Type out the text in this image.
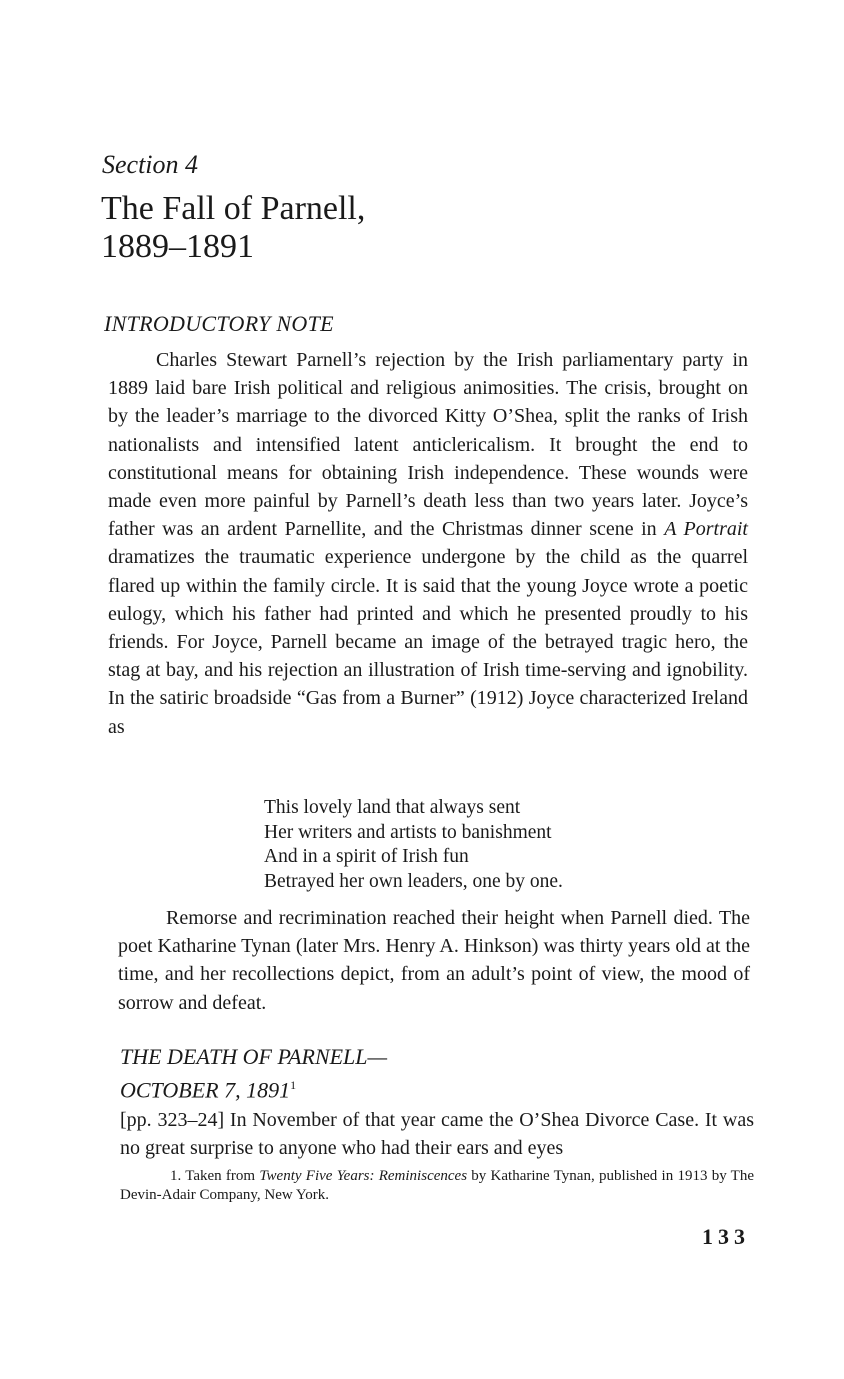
Section 4
The Fall of Parnell,
1889–1891
INTRODUCTORY NOTE

Charles Stewart Parnell’s rejection by the Irish parliamentary party in 1889 laid bare Irish political and religious animosities. The crisis, brought on by the leader’s marriage to the divorced Kitty O’Shea, split the ranks of Irish nationalists and intensified latent anticlericalism. It brought the end to constitutional means for obtaining Irish independence. These wounds were made even more painful by Parnell’s death less than two years later. Joyce’s father was an ardent Parnellite, and the Christmas dinner scene in A Portrait dramatizes the traumatic experience undergone by the child as the quarrel flared up within the family circle. It is said that the young Joyce wrote a poetic eulogy, which his father had printed and which he presented proudly to his friends. For Joyce, Parnell became an image of the betrayed tragic hero, the stag at bay, and his rejection an illustration of Irish time-serving and ignobility. In the satiric broadside “Gas from a Burner” (1912) Joyce characterized Ireland as

This lovely land that always sent
Her writers and artists to banishment
And in a spirit of Irish fun
Betrayed her own leaders, one by one.

Remorse and recrimination reached their height when Parnell died. The poet Katharine Tynan (later Mrs. Henry A. Hinkson) was thirty years old at the time, and her recollections depict, from an adult’s point of view, the mood of sorrow and defeat.

THE DEATH OF PARNELL—
OCTOBER 7, 1891$^1$

[pp. 323–24] In November of that year came the O’Shea Divorce Case. It was no great surprise to anyone who had their ears and eyes

1. Taken from Twenty Five Years: Reminiscences by Katharine Tynan, published in 1913 by The Devin-Adair Company, New York.
133
